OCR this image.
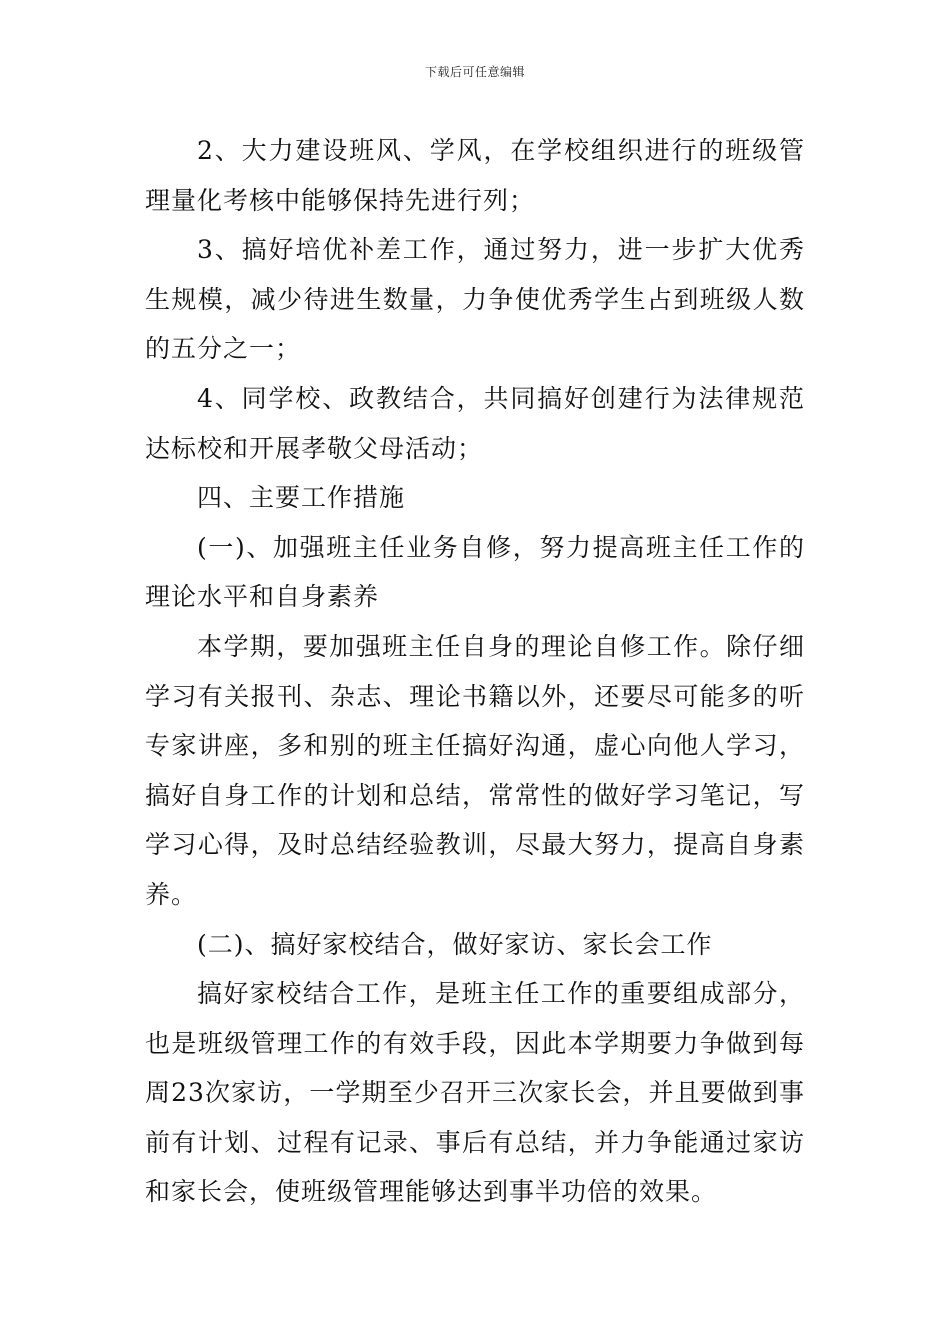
下载后可任意编辑

2、大力建设班风、学风，在学校组织进行的班级管理量化考核中能够保持先进行列；

3、搞好培优补差工作，通过努力，进一步扩大优秀生规模，减少待进生数量，力争使优秀学生占到班级人数的五分之一；

4、同学校、政教结合，共同搞好创建行为法律规范达标校和开展孝敬父母活动；

四、主要工作措施

(一)、加强班主任业务自修，努力提高班主任工作的理论水平和自身素养

本学期，要加强班主任自身的理论自修工作。除仔细学习有关报刊、杂志、理论书籍以外，还要尽可能多的听专家讲座，多和别的班主任搞好沟通，虚心向他人学习，搞好自身工作的计划和总结，常常性的做好学习笔记，写学习心得，及时总结经验教训，尽最大努力，提高自身素养。

(二)、搞好家校结合，做好家访、家长会工作

搞好家校结合工作，是班主任工作的重要组成部分，也是班级管理工作的有效手段，因此本学期要力争做到每周23次家访，一学期至少召开三次家长会，并且要做到事前有计划、过程有记录、事后有总结，并力争能通过家访和家长会，使班级管理能够达到事半功倍的效果。
